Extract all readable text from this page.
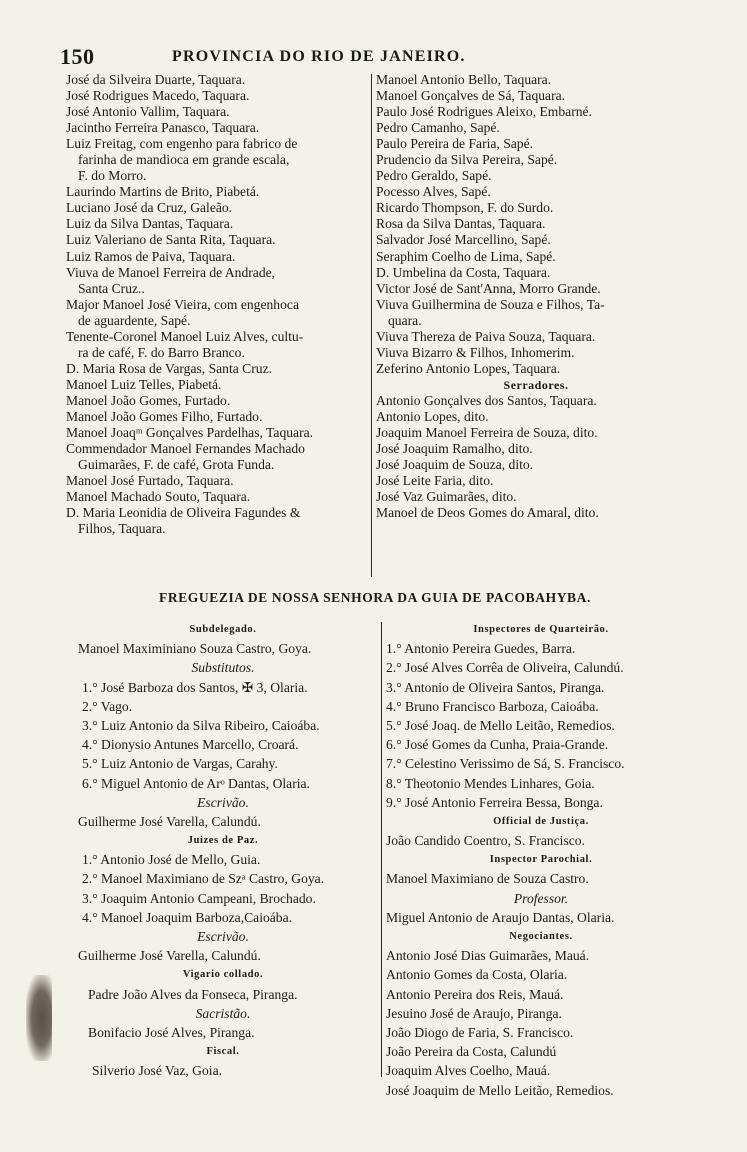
150	PROVINCIA DO RIO DE JANEIRO.
José da Silveira Duarte, Taquara.
José Rodrigues Macedo, Taquara.
José Antonio Vallim, Taquara.
Jacintho Ferreira Panasco, Taquara.
Luiz Freitag, com engenho para fabrico de
farinha de mandioca em grande escala,
F. do Morro.
Laurindo Martins de Brito, Piabetá.
Luciano José da Cruz, Galeão.
Luiz da Silva Dantas, Taquara.
Luiz Valeriano de Santa Rita, Taquara.
Luiz Ramos de Paiva, Taquara.
Viuva de Manoel Ferreira de Andrade,
Santa Cruz..
Major Manoel José Vieira, com engenhoca
de aguardente, Sapé.
Tenente-Coronel Manoel Luiz Alves, cultu-
ra de café, F. do Barro Branco.
D. Maria Rosa de Vargas, Santa Cruz.
Manoel Luiz Telles, Piabetá.
Manoel João Gomes, Furtado.
Manoel João Gomes Filho, Furtado.
Manoel Joaqᵐ Gonçalves Pardelhas, Taquara.
Commendador Manoel Fernandes Machado
Guimarães, F. de café, Grota Funda.
Manoel José Furtado, Taquara.
Manoel Machado Souto, Taquara.
D. Maria Leonidia de Oliveira Fagundes &
Filhos, Taquara.
Manoel Antonio Bello, Taquara.
Manoel Gonçalves de Sá, Taquara.
Paulo José Rodrigues Aleixo, Embarné.
Pedro Camanho, Sapé.
Paulo Pereira de Faria, Sapé.
Prudencio da Silva Pereira, Sapé.
Pedro Geraldo, Sapé.
Pocesso Alves, Sapé.
Ricardo Thompson, F. do Surdo.
Rosa da Silva Dantas, Taquara.
Salvador José Marcellino, Sapé.
Seraphim Coelho de Lima, Sapé.
D. Umbelina da Costa, Taquara.
Victor José de Sant'Anna, Morro Grande.
Viuva Guilhermina de Souza e Filhos, Ta-
quara.
Viuva Thereza de Paiva Souza, Taquara.
Viuva Bizarro & Filhos, Inhomerim.
Zeferino Antonio Lopes, Taquara.
Serradores.
Antonio Gonçalves dos Santos, Taquara.
Antonio Lopes, dito.
Joaquim Manoel Ferreira de Souza, dito.
José Joaquim Ramalho, dito.
José Joaquim de Souza, dito.
José Leite Faria, dito.
José Vaz Guimarães, dito.
Manoel de Deos Gomes do Amaral, dito.
FREGUEZIA DE NOSSA SENHORA DA GUIA DE PACOBAHYBA.
Subdelegado.
Manoel Maximiniano Souza Castro, Goya.
Substitutos.
1.° José Barboza dos Santos, ✠ 3, Olaria.
2.° Vago.
3.° Luiz Antonio da Silva Ribeiro, Caioába.
4.° Dionysio Antunes Marcello, Croará.
5.° Luiz Antonio de Vargas, Carahy.
6.° Miguel Antonio de Arᵒ Dantas, Olaria.
Escrivão.
Guilherme José Varella, Calundú.
Juizes de Paz.
1.° Antonio José de Mello, Guia.
2.° Manoel Maximiano de Szᵃ Castro, Goya.
3.° Joaquim Antonio Campeani, Brochado.
4.° Manoel Joaquim Barboza,Caioába.
Escrivão.
Guilherme José Varella, Calundú.
Vigario collado.
Padre João Alves da Fonseca, Piranga.
Sacristão.
Bonifacio José Alves, Piranga.
Fiscal.
Silverio José Vaz, Goia.
Inspectores de Quarteirão.
1.° Antonio Pereira Guedes, Barra.
2.° José Alves Corrêa de Oliveira, Calundú.
3.° Antonio de Oliveira Santos, Piranga.
4.° Bruno Francisco Barboza, Caioába.
5.° José Joaq. de Mello Leitão, Remedios.
6.° José Gomes da Cunha, Praia-Grande.
7.° Celestino Verissimo de Sá, S. Francisco.
8.° Theotonio Mendes Linhares, Goia.
9.° José Antonio Ferreira Bessa, Bonga.
Official de Justiça.
João Candido Coentro, S. Francisco.
Inspector Parochial.
Manoel Maximiano de Souza Castro.
Professor.
Miguel Antonio de Araujo Dantas, Olaria.
Negociantes.
Antonio José Dias Guimarães, Mauá.
Antonio Gomes da Costa, Olaria.
Antonio Pereira dos Reis, Mauá.
Jesuino José de Araujo, Piranga.
João Diogo de Faria, S. Francisco.
João Pereira da Costa, Calundú
Joaquim Alves Coelho, Mauá.
José Joaquim de Mello Leitão, Remedios.
